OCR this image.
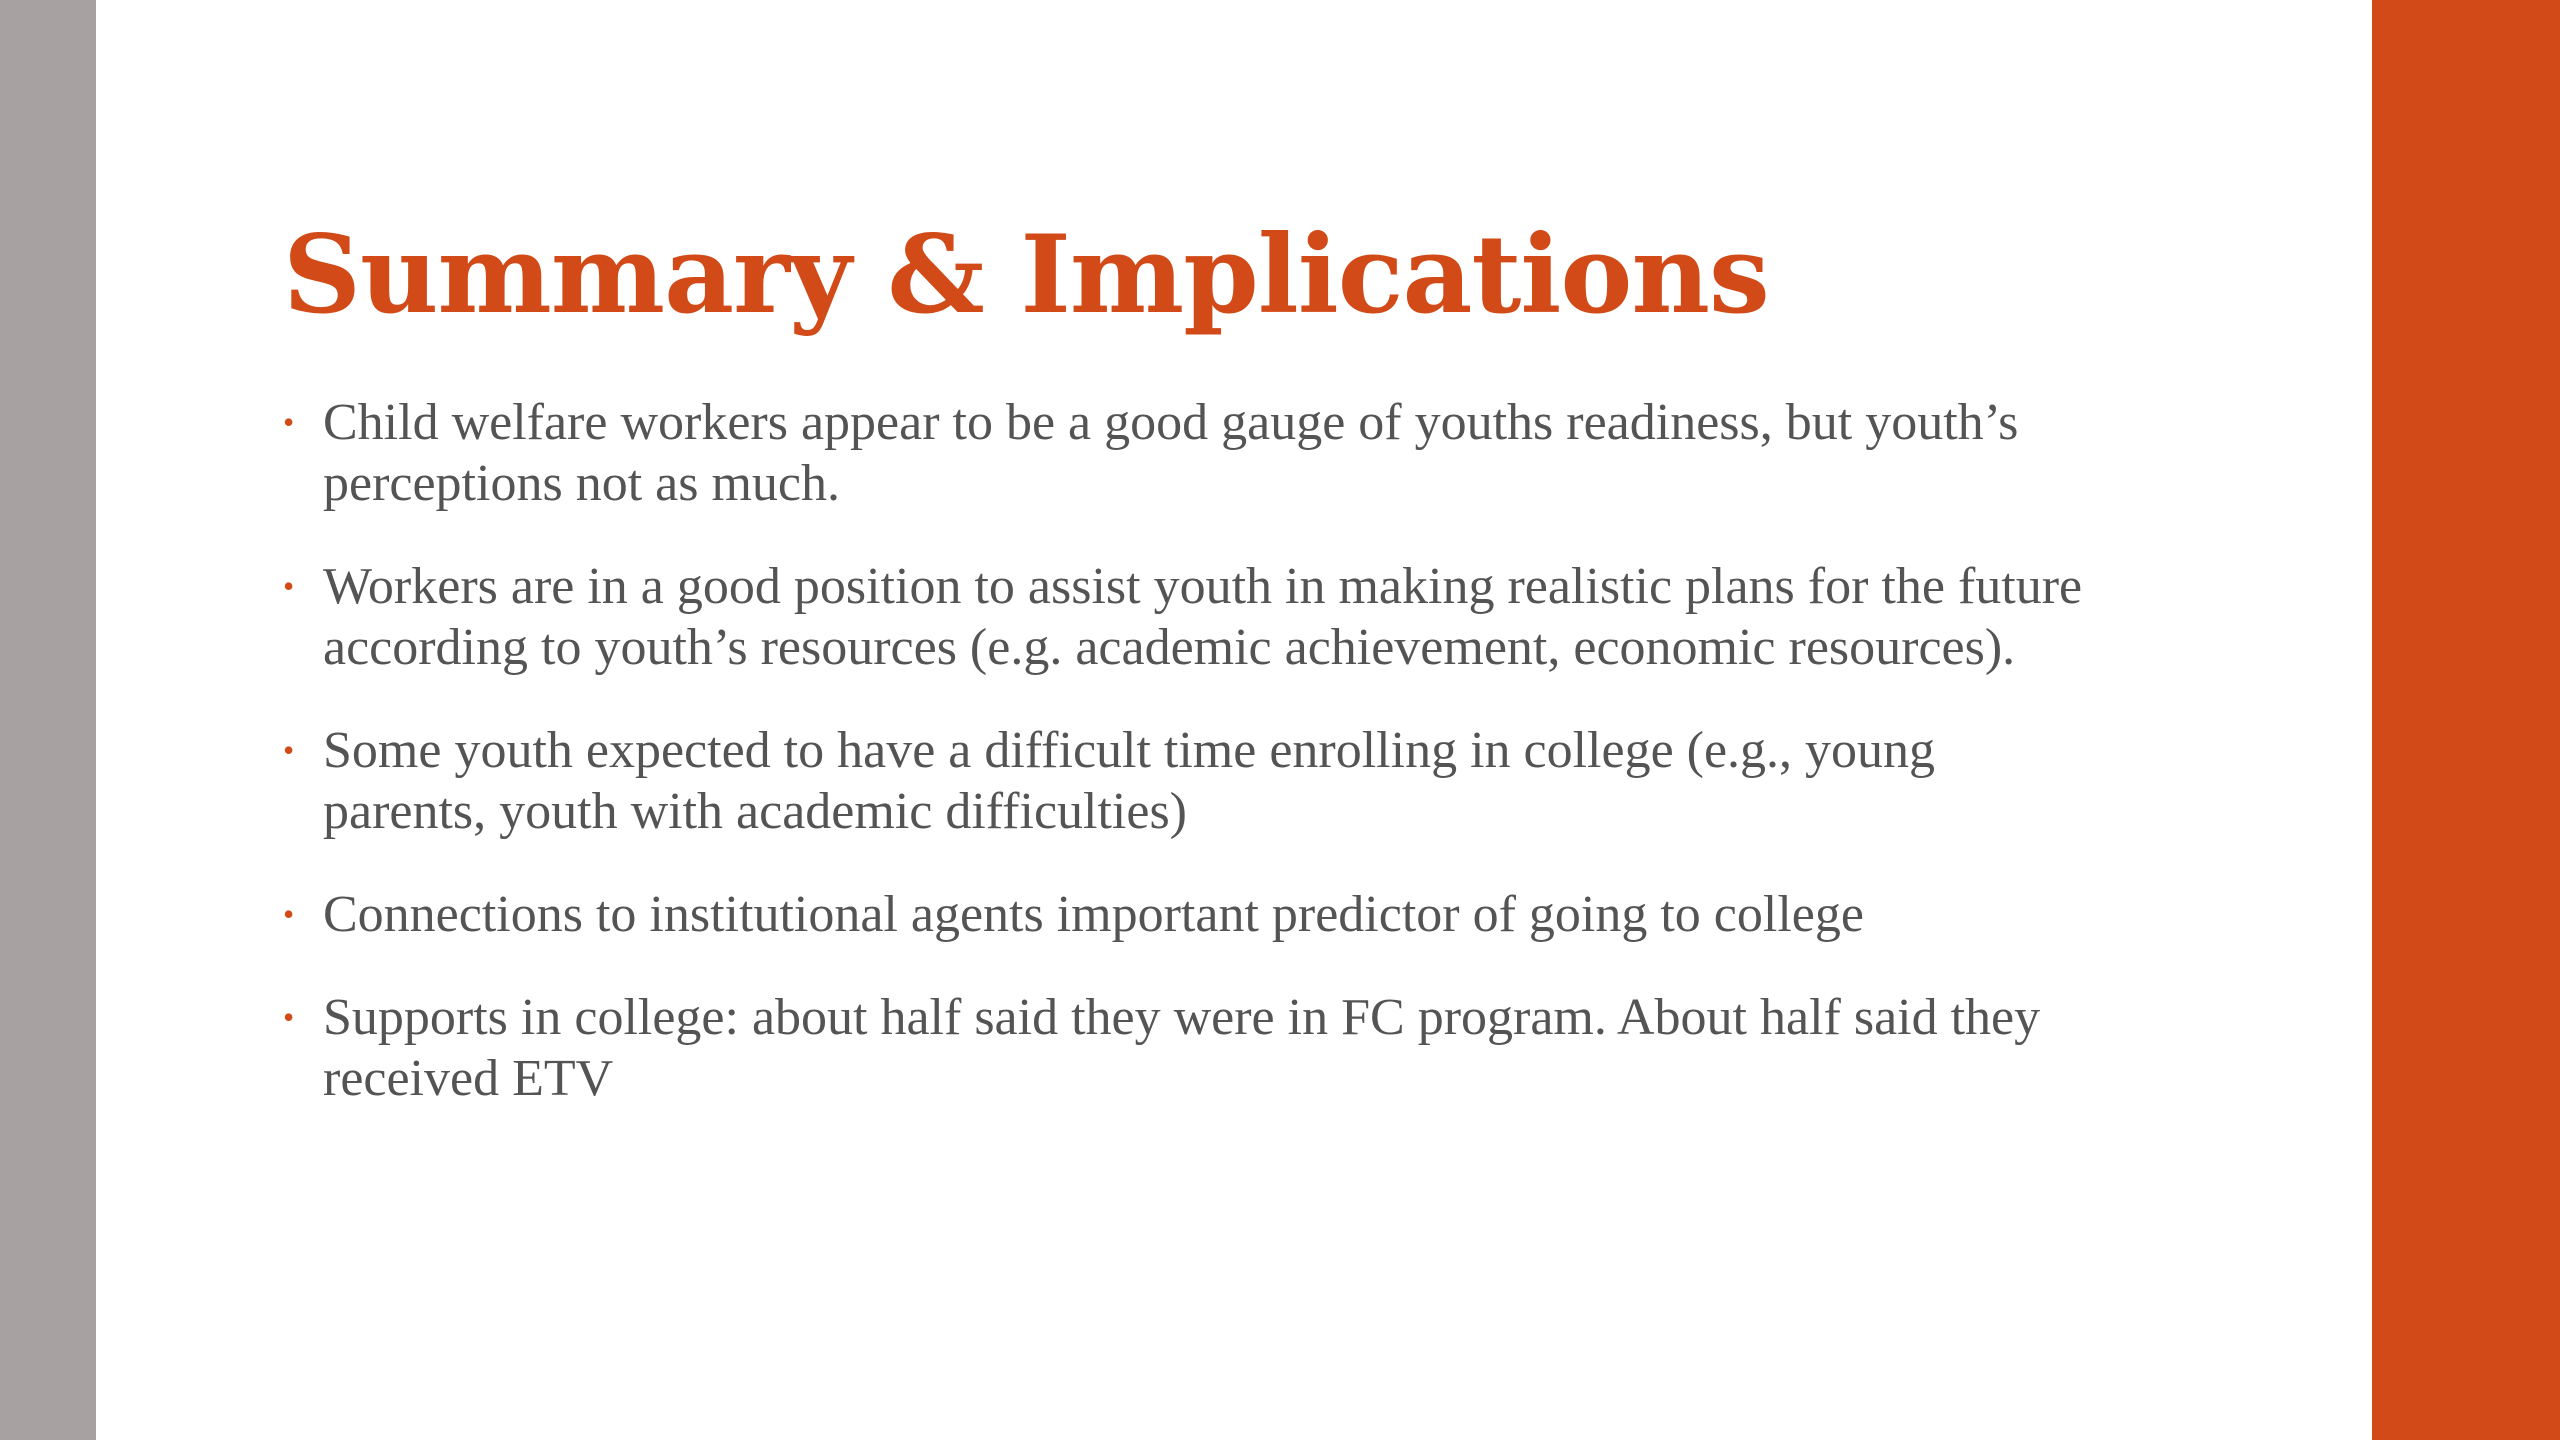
Summary & Implications
• Child welfare workers appear to be a good gauge of youths readiness, but youth’s perceptions not as much.
• Workers are in a good position to assist youth in making realistic plans for the future according to youth’s resources (e.g. academic achievement, economic resources).
• Some youth expected to have a difficult time enrolling in college (e.g., young parents, youth with academic difficulties)
• Connections to institutional agents important predictor of going to college
• Supports in college: about half said they were in FC program. About half said they received ETV
